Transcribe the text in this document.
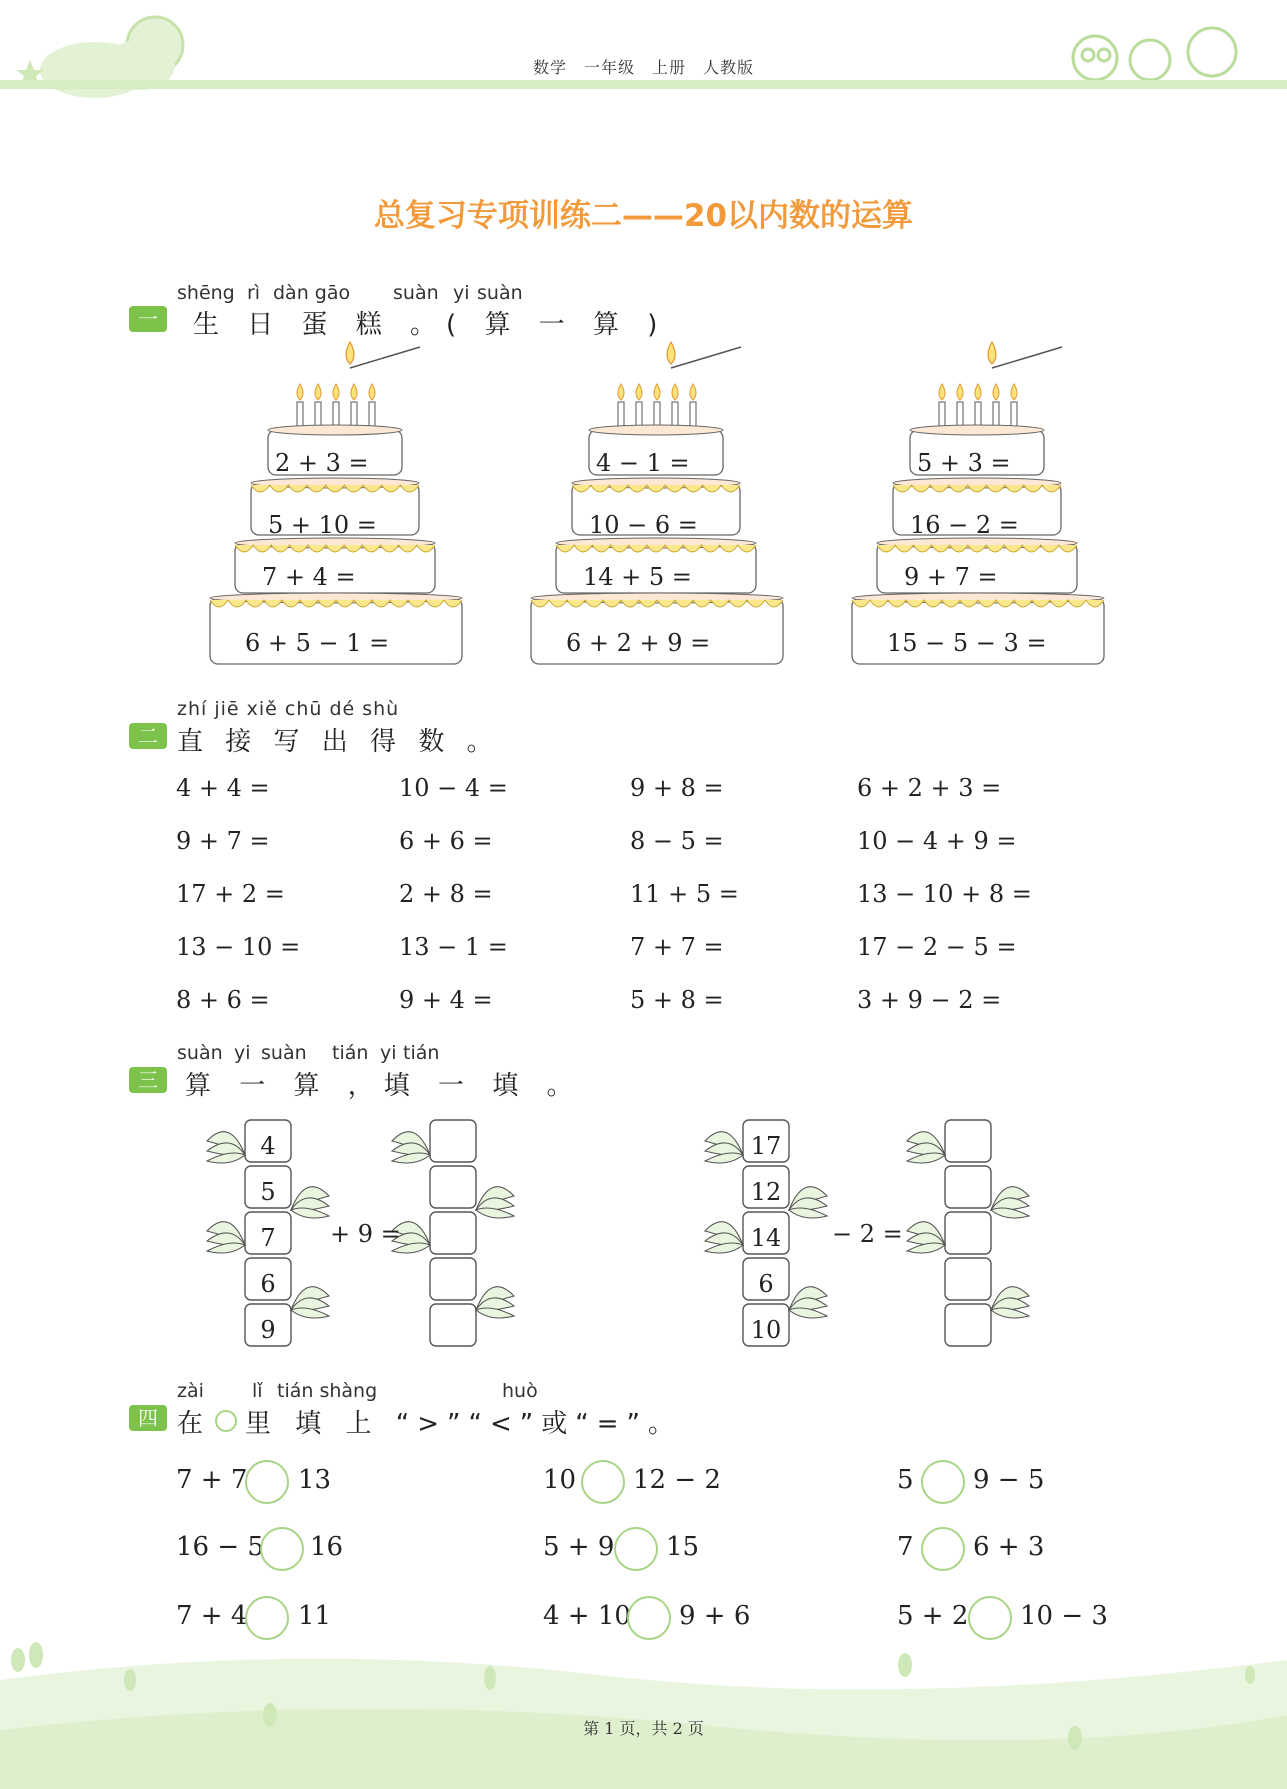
数学　一年级　上册　人教版
总复习专项训练二——20以内数的运算
一
shēng rì dàn gāo suàn yi suàn
生 日 蛋 糕 。( 算 一 算 )
二
zhí jiē xiě chū dé shù
直 接 写 出 得 数 。
三
suàn yi suàn tián yi tián
算 一 算 ，填 一 填 。
四
zài	lǐ tián shàng	huò
在 里 填 上 “>”“<”或“=”。
第 1 页，共 2 页
2 + 3 =
5 + 10 =
7 + 4 =
6 + 5 − 1 =
4 − 1 =
10 − 6 =
14 + 5 =
6 + 2 + 9 =
5 + 3 =
16 − 2 =
9 + 7 =
15 − 5 − 3 =
4 + 4 =	10 − 4 =	9 + 8 =	6 + 2 + 3 =
9 + 7 =	6 + 6 =	8 − 5 =	10 − 4 + 9 =
17 + 2 =	2 + 8 =	11 + 5 =	13 − 10 + 8 =
13 − 10 =	13 − 1 =	7 + 7 =	17 − 2 − 5 =
8 + 6 =	9 + 4 =	5 + 8 =	3 + 9 − 2 =
4
5
7
6
9
17
12
14
6
10
+ 9 =	− 2 =
7 + 7 13	10 12 − 2	5 9 − 5
16 − 5 16	5 + 9 15	7 6 + 3
7 + 4 11	4 + 10 9 + 6	5 + 2 10 − 3
